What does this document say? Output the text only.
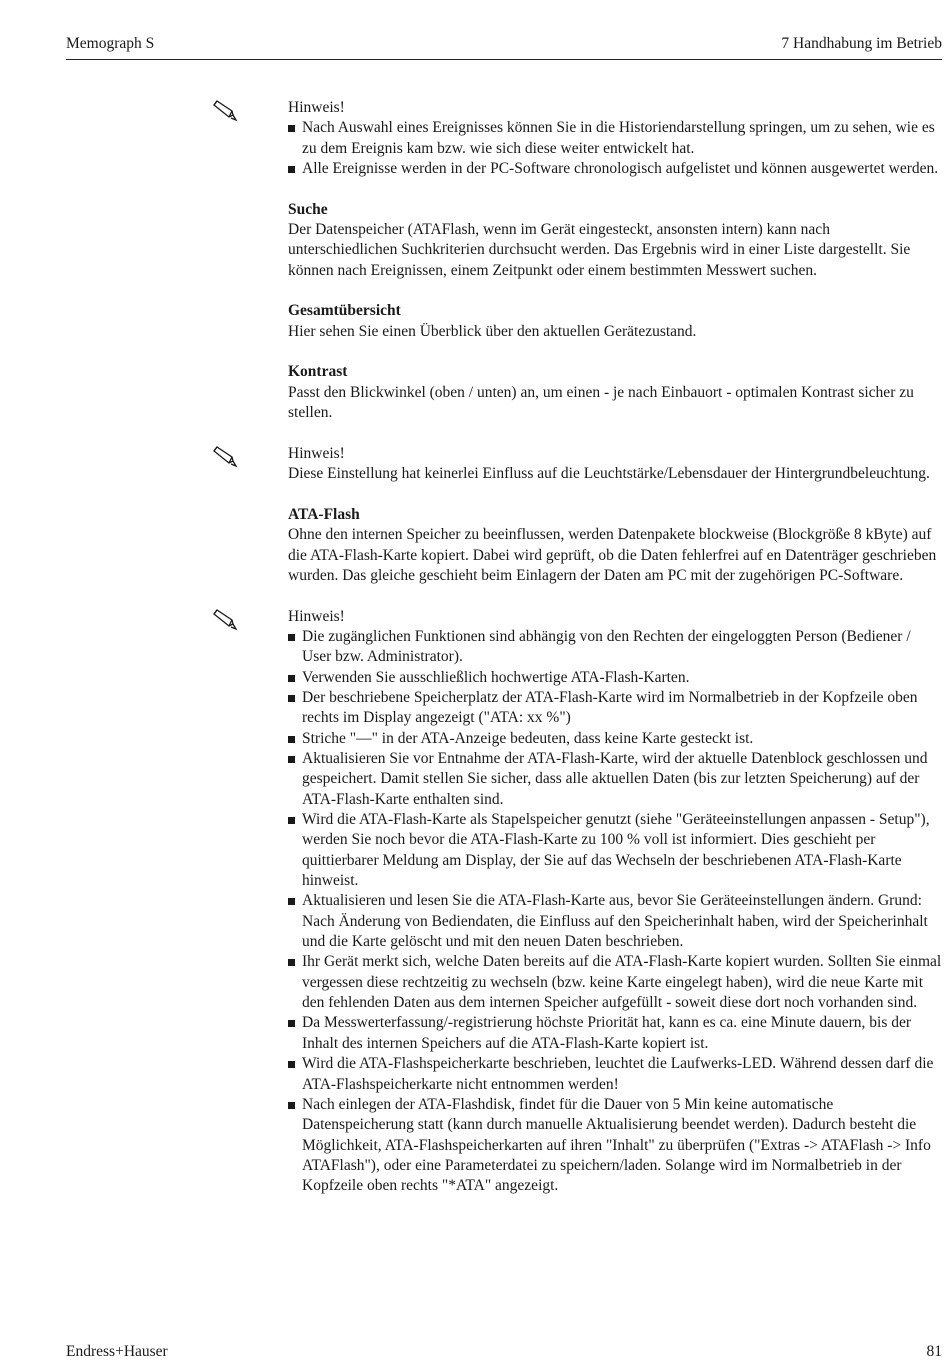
Memograph S	7 Handhabung im Betrieb

Hinweis!

Nach Auswahl eines Ereignisses können Sie in die Historiendarstellung springen, um zu sehen, wie es zu dem Ereignis kam bzw. wie sich diese weiter entwickelt hat.
Alle Ereignisse werden in der PC-Software chronologisch aufgelistet und können ausgewertet werden.

Suche

Der Datenspeicher (ATAFlash, wenn im Gerät eingesteckt, ansonsten intern) kann nach unterschiedlichen Suchkriterien durchsucht werden. Das Ergebnis wird in einer Liste dargestellt. Sie können nach Ereignissen, einem Zeitpunkt oder einem bestimmten Messwert suchen.

Gesamtübersicht

Hier sehen Sie einen Überblick über den aktuellen Gerätezustand.

Kontrast

Passt den Blickwinkel (oben / unten) an, um einen - je nach Einbauort - optimalen Kontrast sicher zu stellen.

Hinweis!

Diese Einstellung hat keinerlei Einfluss auf die Leuchtstärke/Lebensdauer der Hintergrundbeleuchtung.

ATA-Flash

Ohne den internen Speicher zu beeinflussen, werden Datenpakete blockweise (Blockgröße 8 kByte) auf die ATA-Flash-Karte kopiert. Dabei wird geprüft, ob die Daten fehlerfrei auf en Datenträger geschrieben wurden. Das gleiche geschieht beim Einlagern der Daten am PC mit der zugehörigen PC-Software.

Hinweis!

Die zugänglichen Funktionen sind abhängig von den Rechten der eingeloggten Person (Bediener / User bzw. Administrator).
Verwenden Sie ausschließlich hochwertige ATA-Flash-Karten.
Der beschriebene Speicherplatz der ATA-Flash-Karte wird im Normalbetrieb in der Kopfzeile oben rechts im Display angezeigt ("ATA: xx %")
Striche "—" in der ATA-Anzeige bedeuten, dass keine Karte gesteckt ist.
Aktualisieren Sie vor Entnahme der ATA-Flash-Karte, wird der aktuelle Datenblock geschlossen und gespeichert. Damit stellen Sie sicher, dass alle aktuellen Daten (bis zur letzten Speicherung) auf der ATA-Flash-Karte enthalten sind.
Wird die ATA-Flash-Karte als Stapelspeicher genutzt (siehe "Geräteeinstellungen anpassen - Setup"), werden Sie noch bevor die ATA-Flash-Karte zu 100 % voll ist informiert. Dies geschieht per quittierbarer Meldung am Display, der Sie auf das Wechseln der beschriebenen ATA-Flash-Karte hinweist.
Aktualisieren und lesen Sie die ATA-Flash-Karte aus, bevor Sie Geräteeinstellungen ändern. Grund: Nach Änderung von Bediendaten, die Einfluss auf den Speicherinhalt haben, wird der Speicherinhalt und die Karte gelöscht und mit den neuen Daten beschrieben.
Ihr Gerät merkt sich, welche Daten bereits auf die ATA-Flash-Karte kopiert wurden. Sollten Sie einmal vergessen diese rechtzeitig zu wechseln (bzw. keine Karte eingelegt haben), wird die neue Karte mit den fehlenden Daten aus dem internen Speicher aufgefüllt - soweit diese dort noch vorhanden sind.
Da Messwerterfassung/-registrierung höchste Priorität hat, kann es ca. eine Minute dauern, bis der Inhalt des internen Speichers auf die ATA-Flash-Karte kopiert ist.
Wird die ATA-Flashspeicherkarte beschrieben, leuchtet die Laufwerks-LED. Während dessen darf die ATA-Flashspeicherkarte nicht entnommen werden!
Nach einlegen der ATA-Flashdisk, findet für die Dauer von 5 Min keine automatische Datenspeicherung statt (kann durch manuelle Aktualisierung beendet werden). Dadurch besteht die Möglichkeit, ATA-Flashspeicherkarten auf ihren "Inhalt" zu überprüfen ("Extras -> ATAFlash -> Info ATAFlash"), oder eine Parameterdatei zu speichern/laden. Solange wird im Normalbetrieb in der Kopfzeile oben rechts "*ATA" angezeigt.
Endress+Hauser	81
